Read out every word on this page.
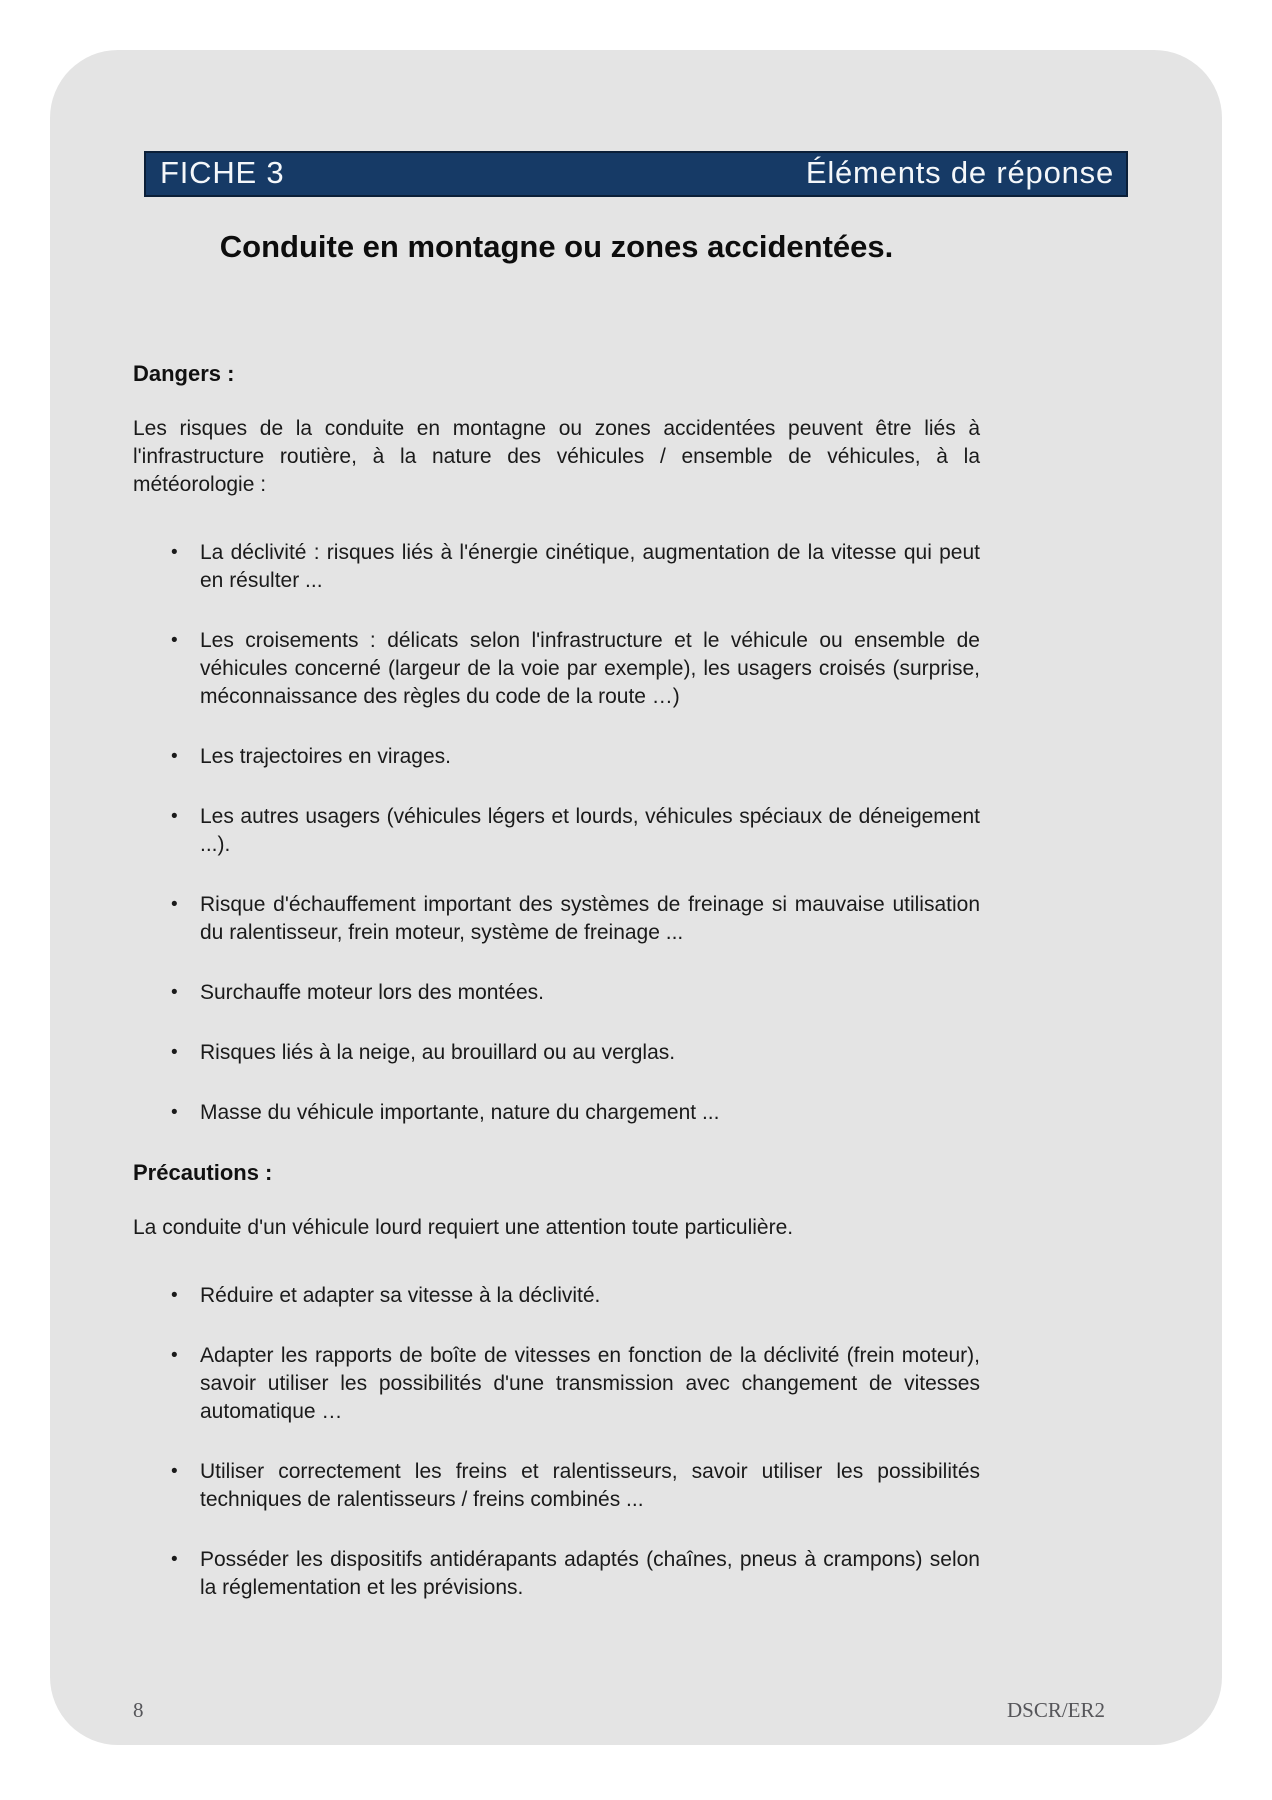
FICHE 3	Éléments de réponse
Conduite en montagne ou zones accidentées.
Dangers :

Les risques de la conduite en montagne ou zones accidentées peuvent être liés à l'infrastructure routière, à la nature des véhicules / ensemble de véhicules, à la météorologie :

• La déclivité : risques liés à l'énergie cinétique, augmentation de la vitesse qui peut en résulter ...
• Les croisements : délicats selon l'infrastructure et le véhicule ou ensemble de véhicules concerné (largeur de la voie par exemple), les usagers croisés (surprise, méconnaissance des règles du code de la route …)
• Les trajectoires en virages.
• Les autres usagers (véhicules légers et lourds, véhicules spéciaux de déneigement ...).
• Risque d'échauffement important des systèmes de freinage si mauvaise utilisation du ralentisseur, frein moteur, système de freinage ...
• Surchauffe moteur lors des montées.
• Risques liés à la neige, au brouillard ou au verglas.
• Masse du véhicule importante, nature du chargement ...
Précautions :

La conduite d'un véhicule lourd requiert une attention toute particulière.

• Réduire et adapter sa vitesse à la déclivité.
• Adapter les rapports de boîte de vitesses en fonction de la déclivité (frein moteur), savoir utiliser les possibilités d'une transmission avec changement de vitesses automatique …
• Utiliser correctement les freins et ralentisseurs, savoir utiliser les possibilités techniques de ralentisseurs / freins combinés ...
• Posséder les dispositifs antidérapants adaptés (chaînes, pneus à crampons) selon la réglementation et les prévisions.
8	DSCR/ER2
